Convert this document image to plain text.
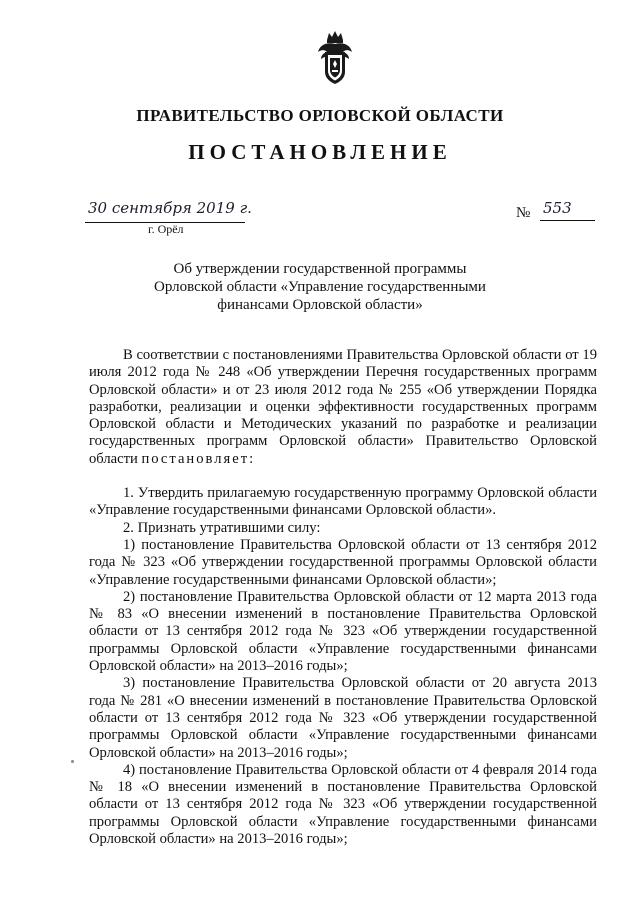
ПРАВИТЕЛЬСТВО ОРЛОВСКОЙ ОБЛАСТИ
ПОСТАНОВЛЕНИЕ
30 сентября 2019 г.
г. Орёл
№ 553
Об утверждении государственной программы
Орловской области «Управление государственными
финансами Орловской области»

В соответствии с постановлениями Правительства Орловской области от 19 июля 2012 года № 248 «Об утверждении Перечня государственных программ Орловской области» и от 23 июля 2012 года № 255 «Об утверждении Порядка разработки, реализации и оценки эффективности государственных программ Орловской области и Методических указаний по разработке и реализации государственных программ Орловской области» Правительство Орловской области постановляет:

1. Утвердить прилагаемую государственную программу Орловской области «Управление государственными финансами Орловской области».

2. Признать утратившими силу:

1) постановление Правительства Орловской области от 13 сентября 2012 года № 323 «Об утверждении государственной программы Орловской области «Управление государственными финансами Орловской области»;

2) постановление Правительства Орловской области от 12 марта 2013 года № 83 «О внесении изменений в постановление Правительства Орловской области от 13 сентября 2012 года № 323 «Об утверждении государственной программы Орловской области «Управление государственными финансами Орловской области» на 2013–2016 годы»;

3) постановление Правительства Орловской области от 20 августа 2013 года № 281 «О внесении изменений в постановление Правительства Орловской области от 13 сентября 2012 года № 323 «Об утверждении государственной программы Орловской области «Управление государственными финансами Орловской области» на 2013–2016 годы»;

4) постановление Правительства Орловской области от 4 февраля 2014 года № 18 «О внесении изменений в постановление Правительства Орловской области от 13 сентября 2012 года № 323 «Об утверждении государственной программы Орловской области «Управление государственными финансами Орловской области» на 2013–2016 годы»;
